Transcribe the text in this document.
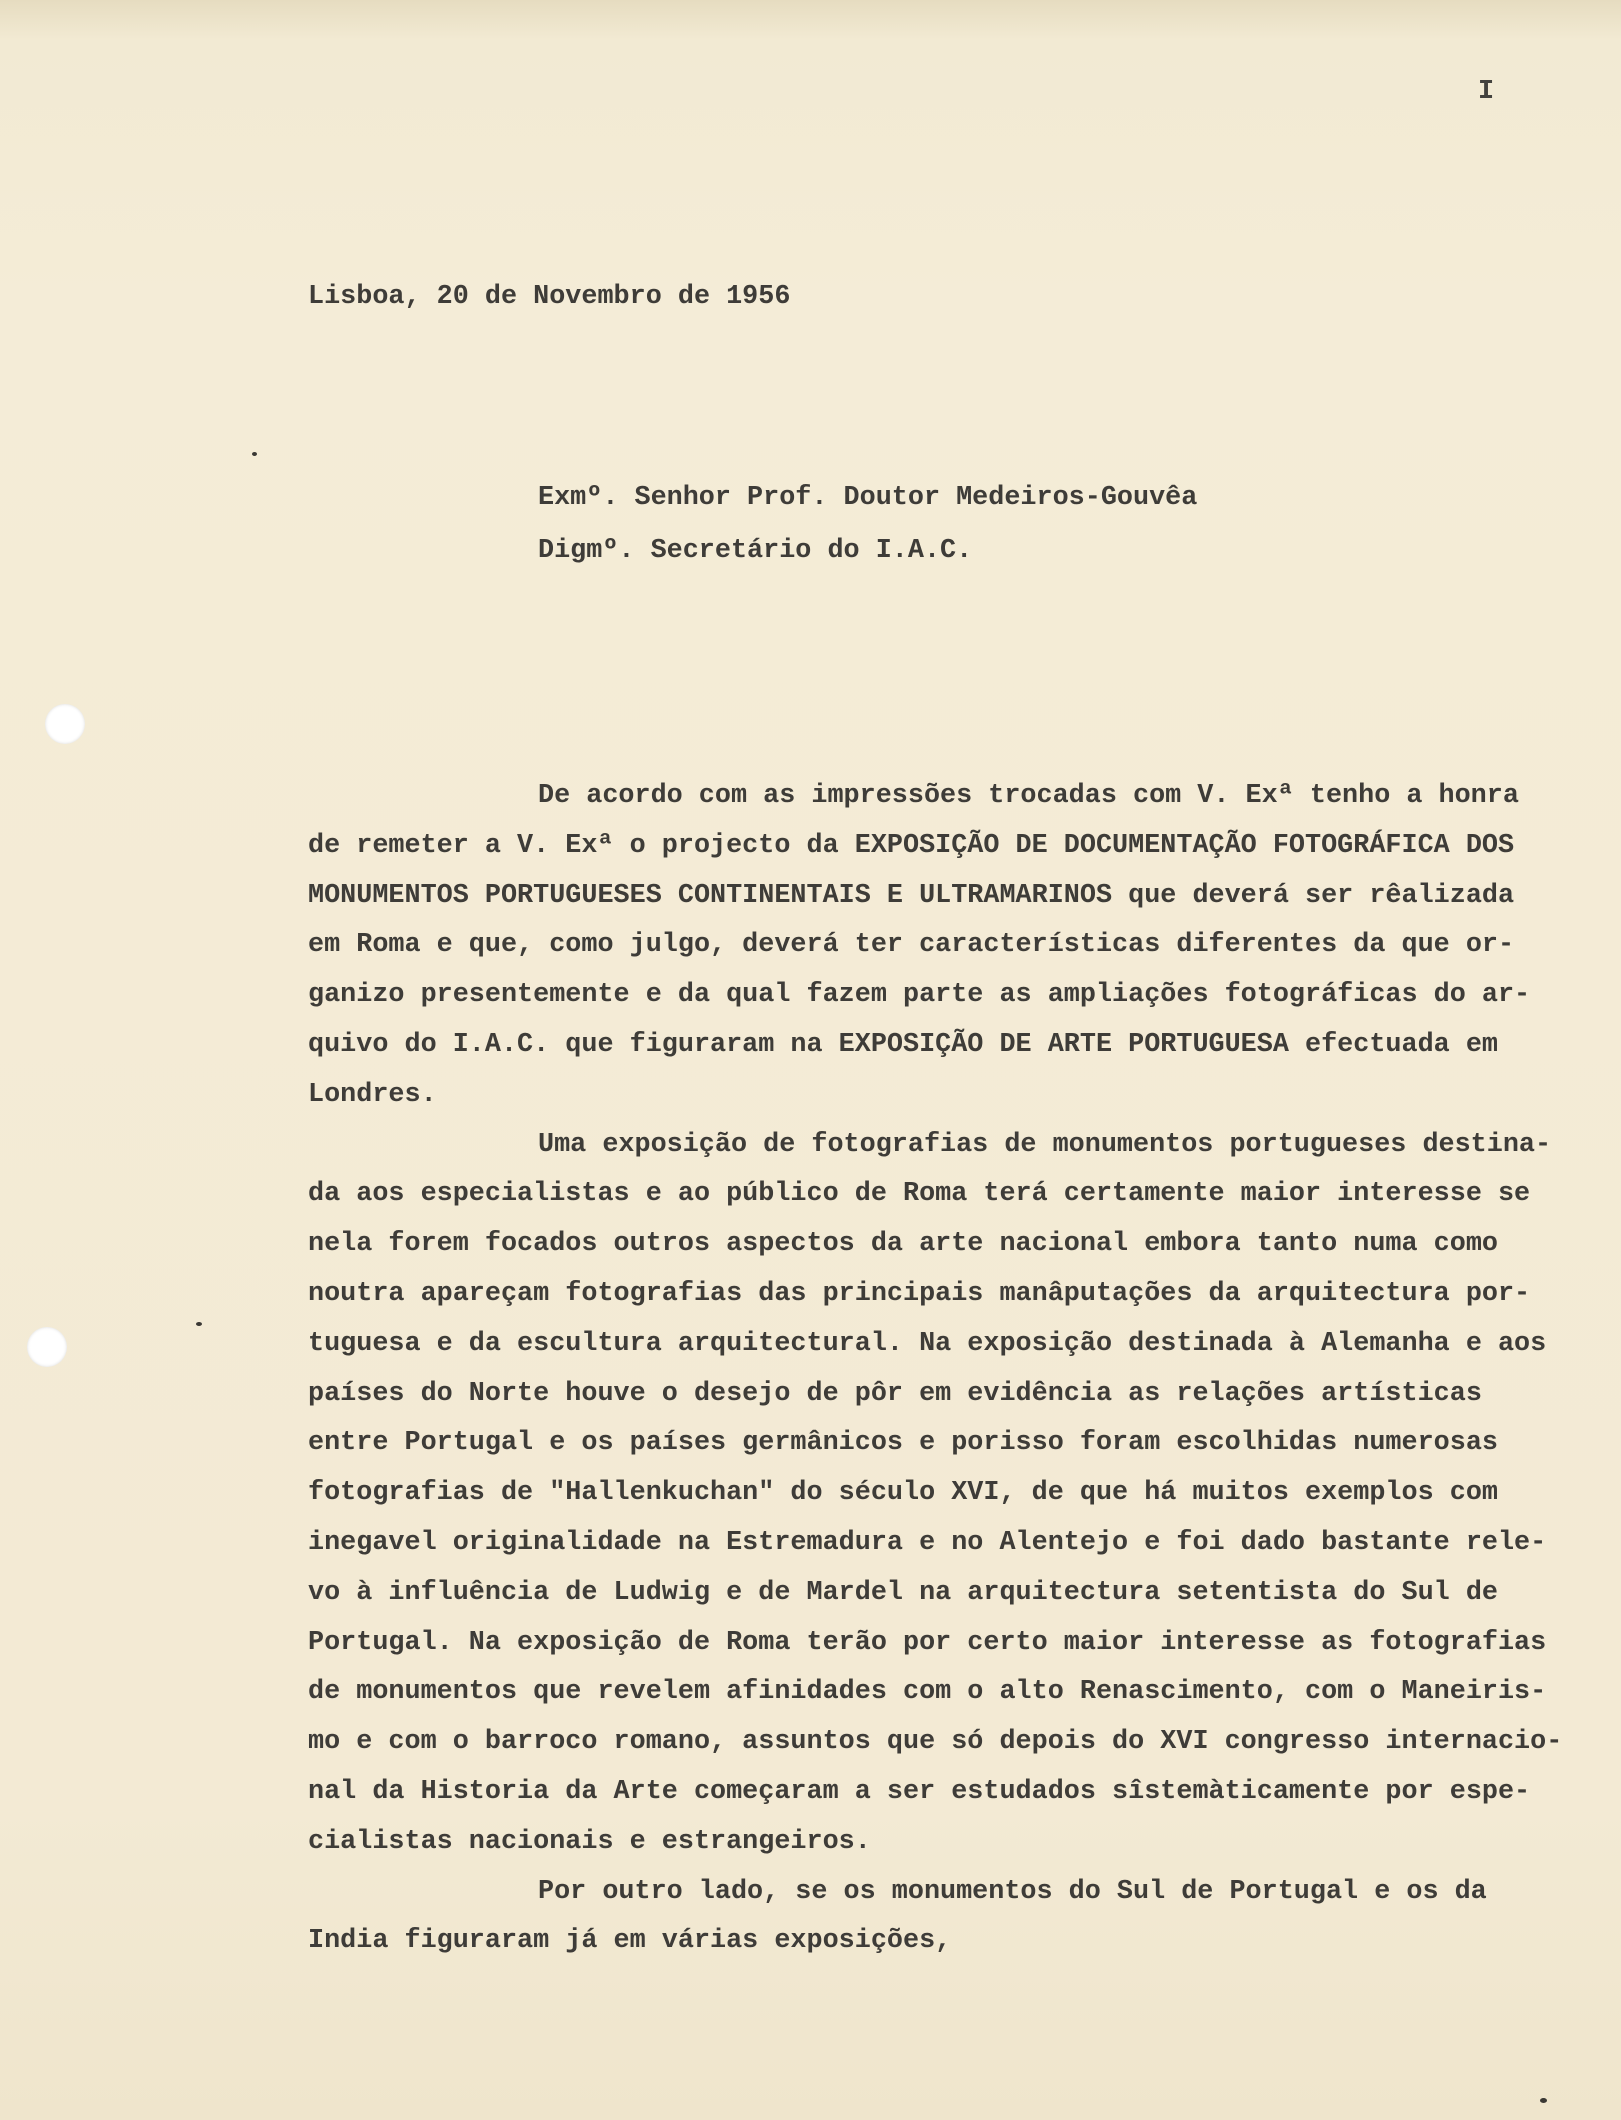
I
Lisboa, 20 de Novembro de 1956
Exmº. Senhor Prof. Doutor Medeiros-Gouvêa
Digmº. Secretário do I.A.C.
De acordo com as impressões trocadas com V. Exª tenho a honra
de remeter a V. Exª o projecto da EXPOSIÇÃO DE DOCUMENTAÇÃO FOTOGRÁFICA DOS
MONUMENTOS PORTUGUESES CONTINENTAIS E ULTRAMARINOS que deverá ser rêalizada
em Roma e que, como julgo, deverá ter características diferentes da que or-
ganizo presentemente e da qual fazem parte as ampliações fotográficas do ar-
quivo do I.A.C. que figuraram na EXPOSIÇÃO DE ARTE PORTUGUESA efectuada em
Londres.
Uma exposição de fotografias de monumentos portugueses destina-
da aos especialistas e ao público de Roma terá certamente maior interesse se
nela forem focados outros aspectos da arte nacional embora tanto numa como
noutra apareçam fotografias das principais manâputações da arquitectura por-
tuguesa e da escultura arquitectural. Na exposição destinada à Alemanha e aos
países do Norte houve o desejo de pôr em evidência as relações artísticas
entre Portugal e os países germânicos e porisso foram escolhidas numerosas
fotografias de "Hallenkuchan" do século XVI, de que há muitos exemplos com
inegavel originalidade na Estremadura e no Alentejo e foi dado bastante rele-
vo à influência de Ludwig e de Mardel na arquitectura setentista do Sul de
Portugal. Na exposição de Roma terão por certo maior interesse as fotografias
de monumentos que revelem afinidades com o alto Renascimento, com o Maneiris-
mo e com o barroco romano, assuntos que só depois do XVI congresso internacio-
nal da Historia da Arte começaram a ser estudados sîstemàticamente por espe-
cialistas nacionais e estrangeiros.
Por outro lado, se os monumentos do Sul de Portugal e os da
India figuraram já em várias exposições,
